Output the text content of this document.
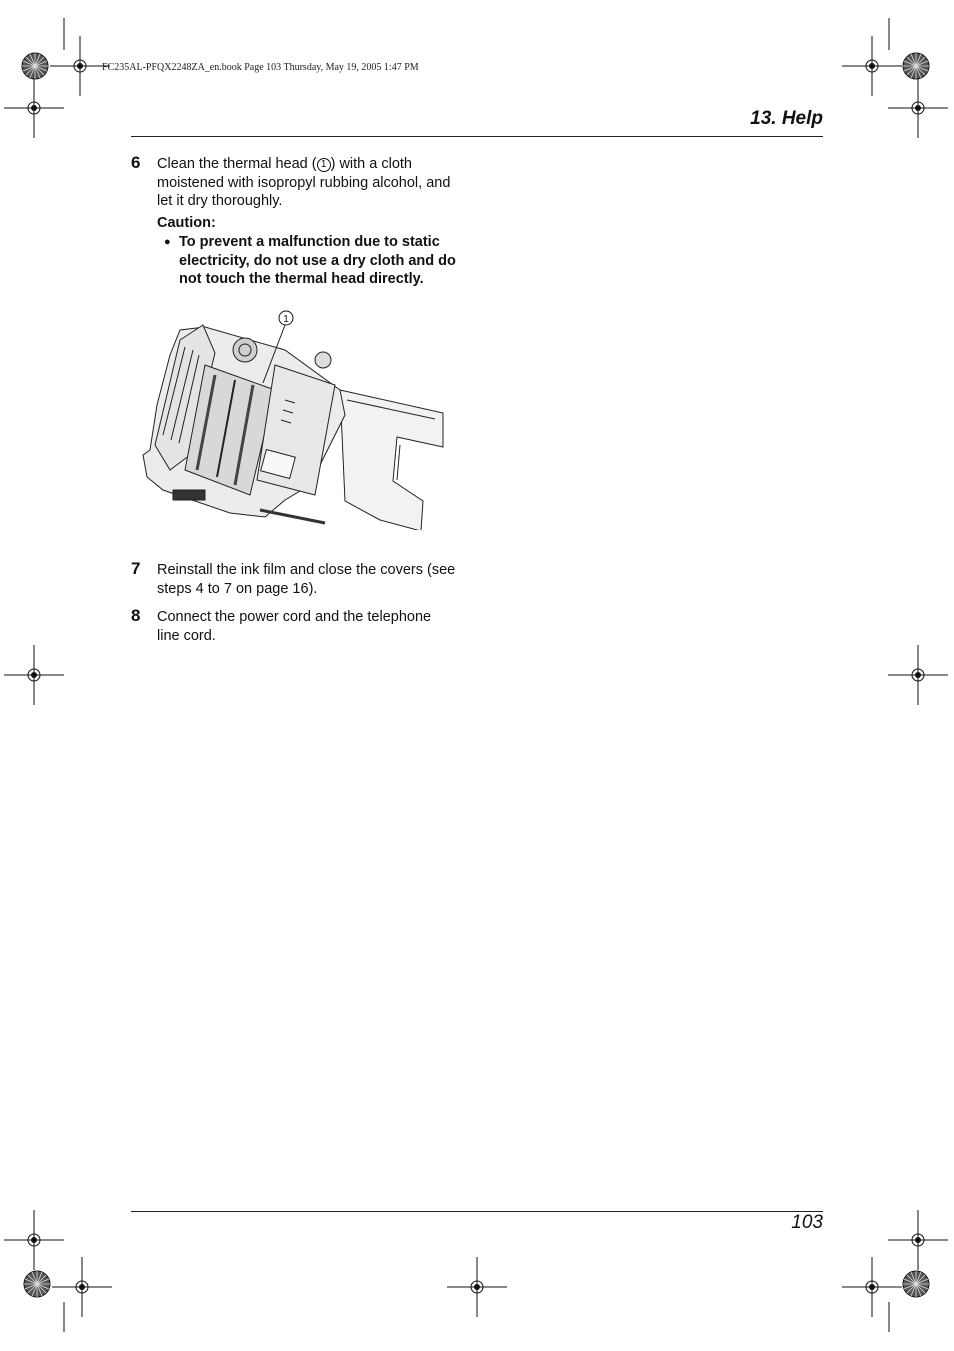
FC235AL-PFQX2248ZA_en.book Page 103 Thursday, May 19, 2005 1:47 PM
13. Help
6 Clean the thermal head ( 1 ) with a cloth moistened with isopropyl rubbing alcohol, and let it dry thoroughly.
Caution:
● To prevent a malfunction due to static electricity, do not use a dry cloth and do not touch the thermal head directly.
1
7 Reinstall the ink film and close the covers (see steps 4 to 7 on page 16).
8 Connect the power cord and the telephone line cord.
103
